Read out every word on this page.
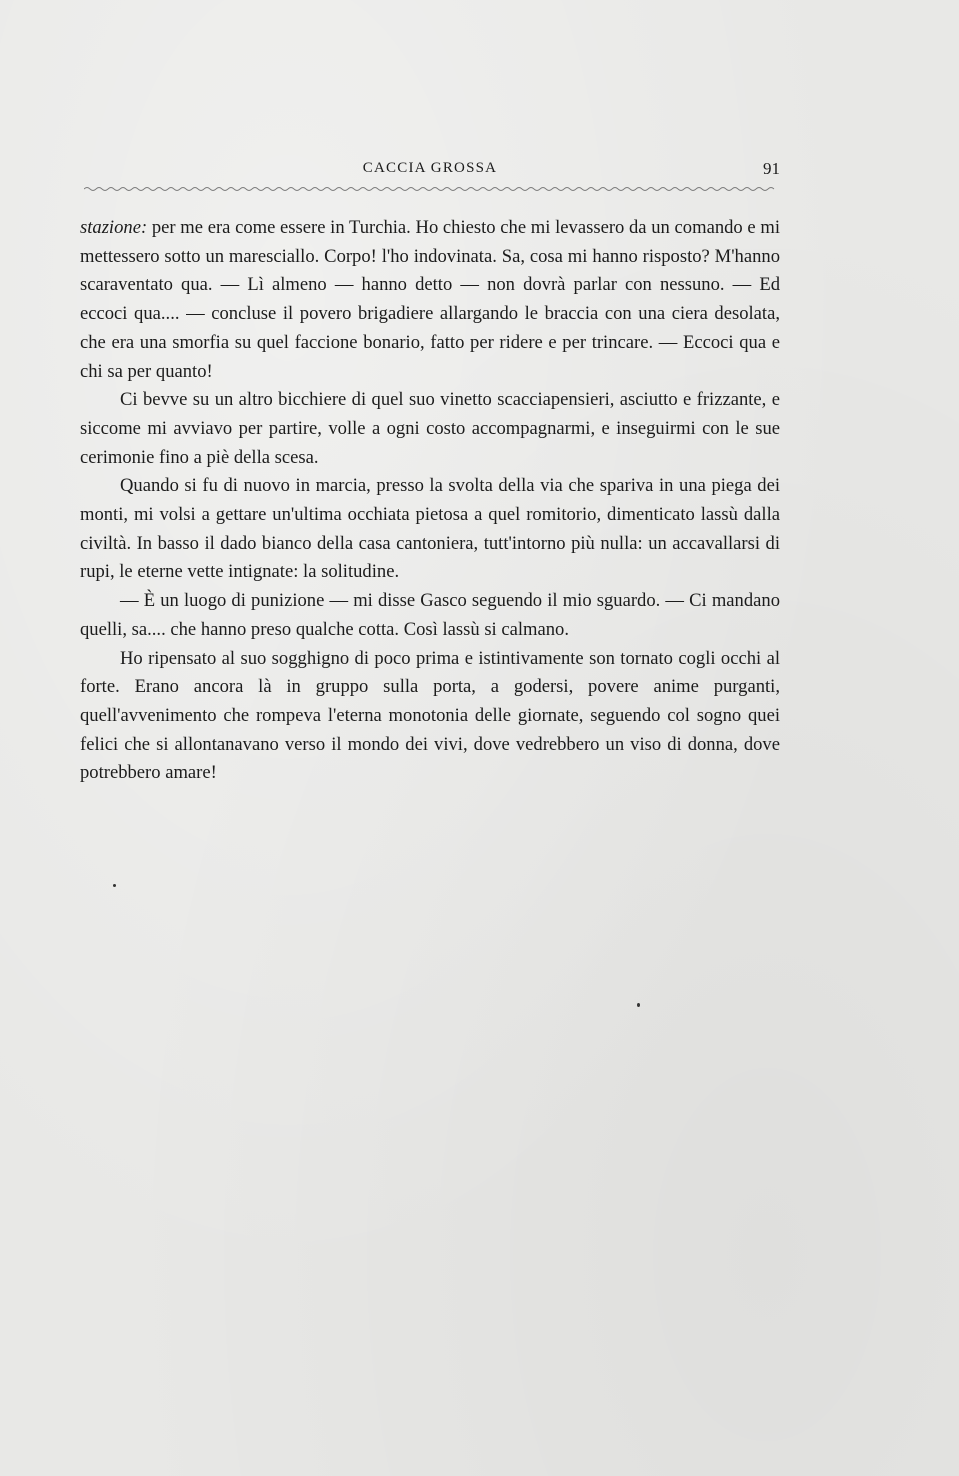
CACCIA GROSSA	91

stazione: per me era come essere in Turchia. Ho chiesto che mi levassero da un comando e mi mettessero sotto un maresciallo. Corpo! l'ho indovinata. Sa, cosa mi hanno risposto? M'hanno scaraventato qua. — Lì almeno — hanno detto — non dovrà parlar con nessuno. — Ed eccoci qua.... — concluse il povero brigadiere allargando le braccia con una ciera desolata, che era una smorfia su quel faccione bonario, fatto per ridere e per trincare. — Eccoci qua e chi sa per quanto!

Ci bevve su un altro bicchiere di quel suo vinetto scacciapensieri, asciutto e frizzante, e siccome mi avviavo per partire, volle a ogni costo accompagnarmi, e inseguirmi con le sue cerimonie fino a piè della scesa.

Quando si fu di nuovo in marcia, presso la svolta della via che spariva in una piega dei monti, mi volsi a gettare un'ultima occhiata pietosa a quel romitorio, dimenticato lassù dalla civiltà. In basso il dado bianco della casa cantoniera, tutt'intorno più nulla: un accavallarsi di rupi, le eterne vette intignate: la solitudine.

— È un luogo di punizione — mi disse Gasco seguendo il mio sguardo. — Ci mandano quelli, sa.... che hanno preso qualche cotta. Così lassù si calmano.

Ho ripensato al suo sogghigno di poco prima e istintivamente son tornato cogli occhi al forte. Erano ancora là in gruppo sulla porta, a godersi, povere anime purganti, quell'avvenimento che rompeva l'eterna monotonia delle giornate, seguendo col sogno quei felici che si allontanavano verso il mondo dei vivi, dove vedrebbero un viso di donna, dove potrebbero amare!
